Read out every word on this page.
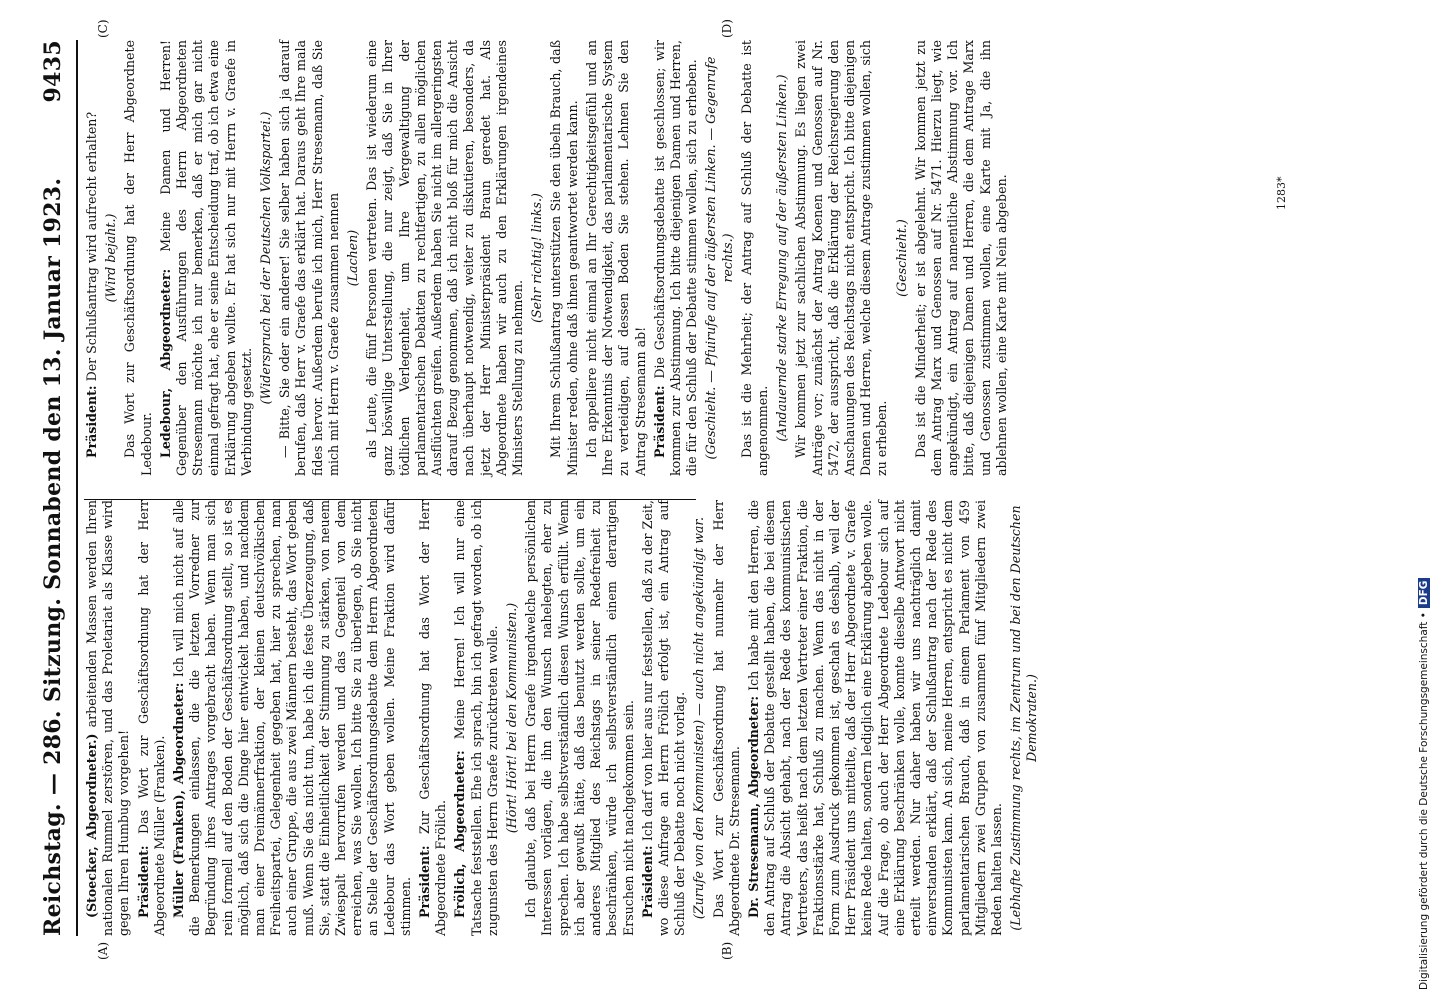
Reichstag. — 286. Sitzung. Sonnabend den 13. Januar 1923.
9435
(A)	(B)
(C)	(D)

(Stoecker, Abgeordneter.) arbeitenden Massen werden Ihren nationalen Rummel zerstören, und das Proletariat als Klasse wird gegen Ihren Humbug vorgehen! Präsident: Das Wort zur Geschäftsordnung hat der Herr Abgeordnete Müller (Franken). Müller (Franken), Abgeordneter: Ich will mich nicht auf alle die Bemerkungen einlassen, die die letzten Vorredner zur Begründung ihres Antrages vorgebracht haben. Wenn man sich rein formell auf den Boden der Geschäftsordnung stellt, so ist es möglich, daß sich die Dinge hier entwickelt haben, und nachdem man einer Dreimännerfraktion, der kleinen deutschvölkischen Freiheitspartei, Gelegenheit gegeben hat, hier zu sprechen, man auch einer Gruppe, die aus zwei Männern besteht, das Wort geben muß. Wenn Sie das nicht tun, habe ich die feste Überzeugung, daß Sie, statt die Einheitlichkeit der Stimmung zu stärken, von neuem Zwiespalt hervorrufen werden und das Gegenteil von dem erreichen, was Sie wollen. Ich bitte Sie zu überlegen, ob Sie nicht an Stelle der Geschäftsordnungsdebatte dem Herrn Abgeordneten Ledebour das Wort geben wollen. Meine Fraktion wird dafür stimmen. Präsident: Zur Geschäftsordnung hat das Wort der Herr Abgeordnete Frölich. Frölich, Abgeordneter: Meine Herren! Ich will nur eine Tatsache feststellen. Ehe ich sprach, bin ich gefragt worden, ob ich zugunsten des Herrn Graefe zurücktreten wolle. (Hört! Hört! bei den Kommunisten.) Ich glaubte, daß bei Herrn Graefe irgendwelche persönlichen Interessen vorlägen, die ihn den Wunsch nahelegten, eher zu sprechen. Ich habe selbstverständlich diesen Wunsch erfüllt. Wenn ich aber gewußt hätte, daß das benutzt werden sollte, um ein anderes Mitglied des Reichstags in seiner Redefreiheit zu beschränken, würde ich selbstverständlich einem derartigen Ersuchen nicht nachgekommen sein. Präsident: Ich darf von hier aus nur feststellen, daß zu der Zeit, wo diese Anfrage an Herrn Frölich erfolgt ist, ein Antrag auf Schluß der Debatte noch nicht vorlag. (Zurufe von den Kommunisten) — auch nicht angekündigt war. Das Wort zur Geschäftsordnung hat nunmehr der Herr Abgeordnete Dr. Stresemann. Dr. Stresemann, Abgeordneter: Ich habe mit den Herren, die den Antrag auf Schluß der Debatte gestellt haben, die bei diesem Antrag die Absicht gehabt, nach der Rede des kommunistischen Vertreters, das heißt nach dem letzten Vertreter einer Fraktion, die Fraktionsstärke hat, Schluß zu machen. Wenn das nicht in der Form zum Ausdruck gekommen ist, geschah es deshalb, weil der Herr Präsident uns mitteilte, daß der Herr Abgeordnete v. Graefe keine Rede halten, sondern lediglich eine Erklärung abgeben wolle. Auf die Frage, ob auch der Herr Abgeordnete Ledebour sich auf eine Erklärung beschränken wolle, konnte dieselbe Antwort nicht erteilt werden. Nur daher haben wir uns nachträglich damit einverstanden erklärt, daß der Schlußantrag nach der Rede des Kommunisten kam. An sich, meine Herren, entspricht es nicht dem parlamentarischen Brauch, daß in einem Parlament von 459 Mitgliedern zwei Gruppen von zusammen fünf Mitgliedern zwei Reden halten lassen. (Lebhafte Zustimmung rechts, im Zentrum und bei den Deutschen Demokraten.)

Präsident: Der Schlußantrag wird aufrecht erhalten? (Wird bejaht.) Das Wort zur Geschäftsordnung hat der Herr Abgeordnete Ledebour. Ledebour, Abgeordneter: Meine Damen und Herren! Gegenüber den Ausführungen des Herrn Abgeordneten Stresemann möchte ich nur bemerken, daß er mich gar nicht einmal gefragt hat, ehe er seine Entscheidung traf, ob ich etwa eine Erklärung abgeben wollte. Er hat sich nur mit Herrn v. Graefe in Verbindung gesetzt.

(Widerspruch bei der Deutschen Volkspartei.) — Bitte, Sie oder ein anderer! Sie selber haben sich ja darauf berufen, daß Herr v. Graefe das erklärt hat. Daraus geht Ihre mala fides hervor. Außerdem berufe ich mich, Herr Stresemann, daß Sie mich mit Herrn v. Graefe zusammen nennen (Lachen) als Leute, die fünf Personen vertreten. Das ist wiederum eine ganz böswillige Unterstellung, die nur zeigt, daß Sie in Ihrer tödlichen Verlegenheit, um Ihre Vergewaltigung der parlamentarischen Debatten zu rechtfertigen, zu allen möglichen Ausflüchten greifen. Außerdem haben Sie nicht im allergeringsten darauf Bezug genommen, daß ich nicht bloß für mich die Ansicht nach überhaupt notwendig, weiter zu diskutieren, besonders, da jetzt der Herr Ministerpräsident Braun geredet hat. Als Abgeordnete haben wir auch zu den Erklärungen irgendeines Ministers Stellung zu nehmen.

(Sehr richtig! links.) Mit Ihrem Schlußantrag unterstützen Sie den übeln Brauch, daß Minister reden, ohne daß ihnen geantwortet werden kann. Ich appelliere nicht einmal an Ihr Gerechtigkeitsgefühl und an Ihre Erkenntnis der Notwendigkeit, das parlamentarische System zu verteidigen, auf dessen Boden Sie stehen. Lehnen Sie den Antrag Stresemann ab! Präsident: Die Geschäftsordnungsdebatte ist geschlossen; wir kommen zur Abstimmung. Ich bitte diejenigen Damen und Herren, die für den Schluß der Debatte stimmen wollen, sich zu erheben. (Geschieht. — Pfuirufe auf der äußersten Linken. — Gegenrufe rechts.) Das ist die Mehrheit; der Antrag auf Schluß der Debatte ist angenommen. (Andauernde starke Erregung auf der äußersten Linken.) Wir kommen jetzt zur sachlichen Abstimmung. Es liegen zwei Anträge vor; zunächst der Antrag Koenen und Genossen auf Nr. 5472, der ausspricht, daß die Erklärung der Reichsregierung den Anschauungen des Reichstags nicht entspricht. Ich bitte diejenigen Damen und Herren, welche diesem Antrage zustimmen wollen, sich zu erheben.

(Geschieht.) Das ist die Minderheit; er ist abgelehnt. Wir kommen jetzt zu dem Antrag Marx und Genossen auf Nr. 5471. Hierzu liegt, wie angekündigt, ein Antrag auf namentliche Abstimmung vor. Ich bitte, daß diejenigen Damen und Herren, die dem Antrage Marx und Genossen zustimmen wollen, eine Karte mit Ja, die ihn ablehnen wollen, eine Karte mit Nein abgeben.	1283*
Digitalisierung gefördert durch die Deutsche Forschungsgemeinschaft •DFG
